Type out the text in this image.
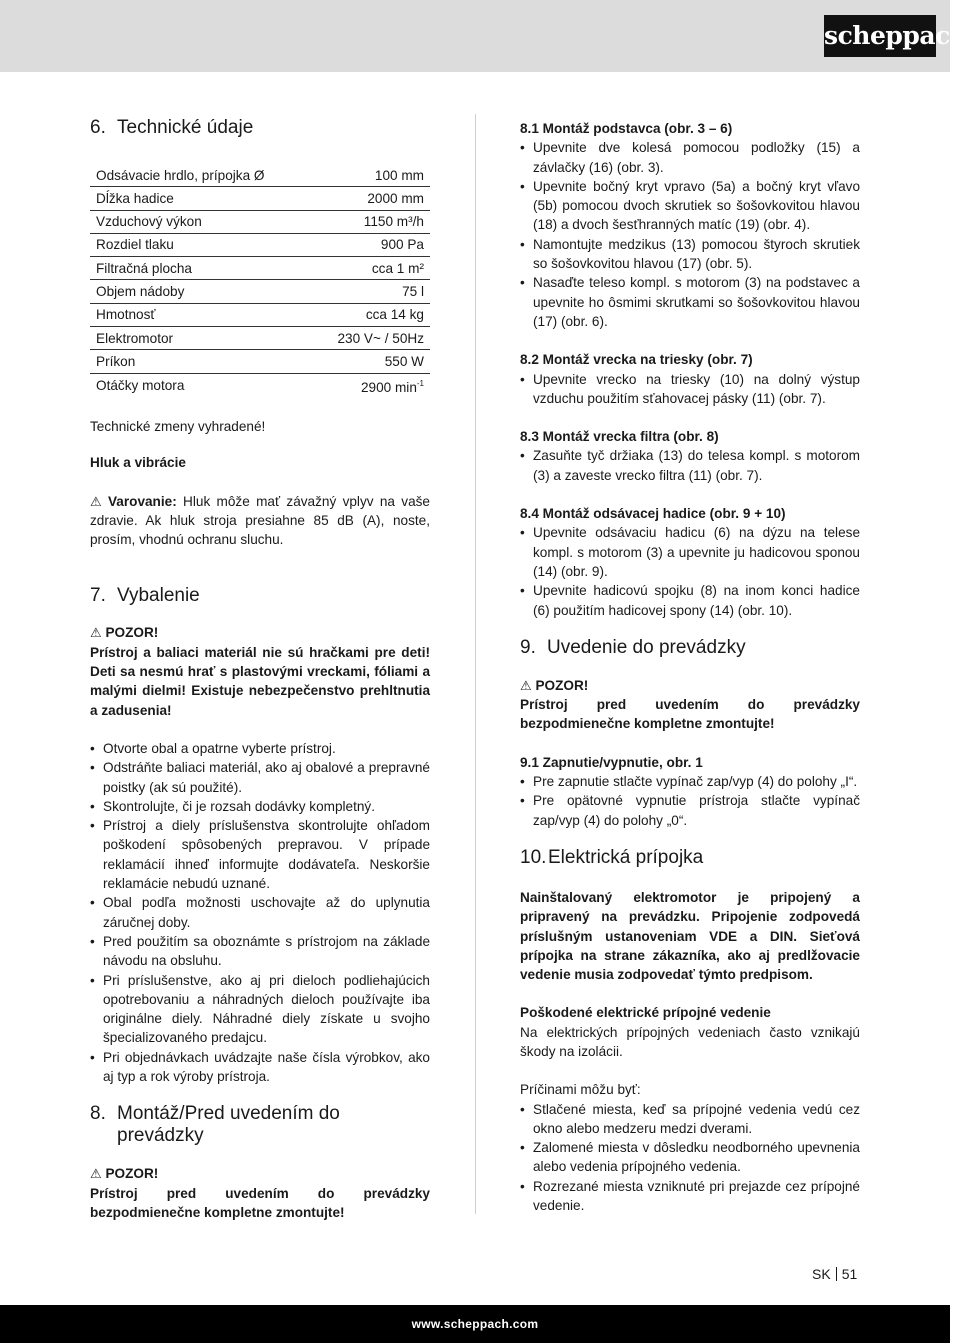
scheppach
6. Technické údaje
Odsávacie hrdlo, prípojka Ø	100 mm
Dĺžka hadice	2000 mm
Vzduchový výkon	1150 m³/h
Rozdiel tlaku	900 Pa
Filtračná plocha	cca 1 m²
Objem nádoby	75 l
Hmotnosť	cca 14 kg
Elektromotor	230 V~ / 50Hz
Príkon	550 W
Otáčky motora	2900 $\min^{-1}$

Technické zmeny vyhradené!

Hluk a vibrácie

⚠ Varovanie: Hluk môže mať závažný vplyv na vaše zdravie. Ak hluk stroja presiahne 85 dB (A), noste, prosím, vhodnú ochranu sluchu.

7. Vybalenie

⚠ POZOR!

Prístroj a baliaci materiál nie sú hračkami pre deti! Deti sa nesmú hrať s plastovými vreckami, fóliami a malými dielmi! Existuje nebezpečenstvo prehltnutia a zadusenia!

• Otvorte obal a opatrne vyberte prístroj.
• Odstráňte baliaci materiál, ako aj obalové a prepravné poistky (ak sú použité).
• Skontrolujte, či je rozsah dodávky kompletný.
• Prístroj a diely príslušenstva skontrolujte ohľadom poškodení spôsobených prepravou. V prípade reklamácií ihneď informujte dodávateľa. Neskoršie reklamácie nebudú uznané.
• Obal podľa možnosti uschovajte až do uplynutia záručnej doby.
• Pred použitím sa oboznámte s prístrojom na základe návodu na obsluhu.
• Pri príslušenstve, ako aj pri dieloch podliehajúcich opotrebovaniu a náhradných dieloch používajte iba originálne diely. Náhradné diely získate u svojho špecializovaného predajcu.
• Pri objednávkach uvádzajte naše čísla výrobkov, ako aj typ a rok výroby prístroja.
8. Montáž/Pred uvedením do
prevádzky

⚠ POZOR!

Prístroj pred uvedením do prevádzky bezpodmienečne kompletne zmontujte!

8.1 Montáž podstavca (obr. 3 – 6)

• Upevnite dve kolesá pomocou podložky (15) a závlačky (16) (obr. 3).
• Upevnite bočný kryt vpravo (5a) a bočný kryt vľavo (5b) pomocou dvoch skrutiek so šošovkovitou hlavou (18) a dvoch šesťhranných matíc (19) (obr. 4).
• Namontujte medzikus (13) pomocou štyroch skrutiek so šošovkovitou hlavou (17) (obr. 5).
• Nasaďte teleso kompl. s motorom (3) na podstavec a upevnite ho ôsmimi skrutkami so šošovkovitou hlavou (17) (obr. 6).

8.2 Montáž vrecka na triesky (obr. 7)

• Upevnite vrecko na triesky (10) na dolný výstup vzduchu použitím sťahovacej pásky (11) (obr. 7).

8.3 Montáž vrecka filtra (obr. 8)

• Zasuňte tyč držiaka (13) do telesa kompl. s motorom (3) a zaveste vrecko filtra (11) (obr. 7).

8.4 Montáž odsávacej hadice (obr. 9 + 10)

• Upevnite odsávaciu hadicu (6) na dýzu na telese kompl. s motorom (3) a upevnite ju hadicovou sponou (14) (obr. 9).
• Upevnite hadicovú spojku (8) na inom konci hadice (6) použitím hadicovej spony (14) (obr. 10).
9. Uvedenie do prevádzky

⚠ POZOR!

Prístroj pred uvedením do prevádzky bezpodmienečne kompletne zmontujte!

9.1 Zapnutie/vypnutie, obr. 1

• Pre zapnutie stlačte vypínač zap/vyp (4) do polohy „I“.
• Pre opätovné vypnutie prístroja stlačte vypínač zap/vyp (4) do polohy „0“.
10. Elektrická prípojka

Nainštalovaný elektromotor je pripojený a pripravený na prevádzku. Pripojenie zodpovedá príslušným ustanoveniam VDE a DIN. Sieťová prípojka na strane zákazníka, ako aj predlžovacie vedenie musia zodpovedať týmto predpisom.

Poškodené elektrické prípojné vedenie

Na elektrických prípojných vedeniach často vznikajú škody na izolácii.

Príčinami môžu byť:

• Stlačené miesta, keď sa prípojné vedenia vedú cez okno alebo medzeru medzi dverami.
• Zalomené miesta v dôsledku neodborného upevnenia alebo vedenia prípojného vedenia.
• Rozrezané miesta vzniknuté pri prejazde cez prípojné vedenie.
SK 51
www.scheppach.com
